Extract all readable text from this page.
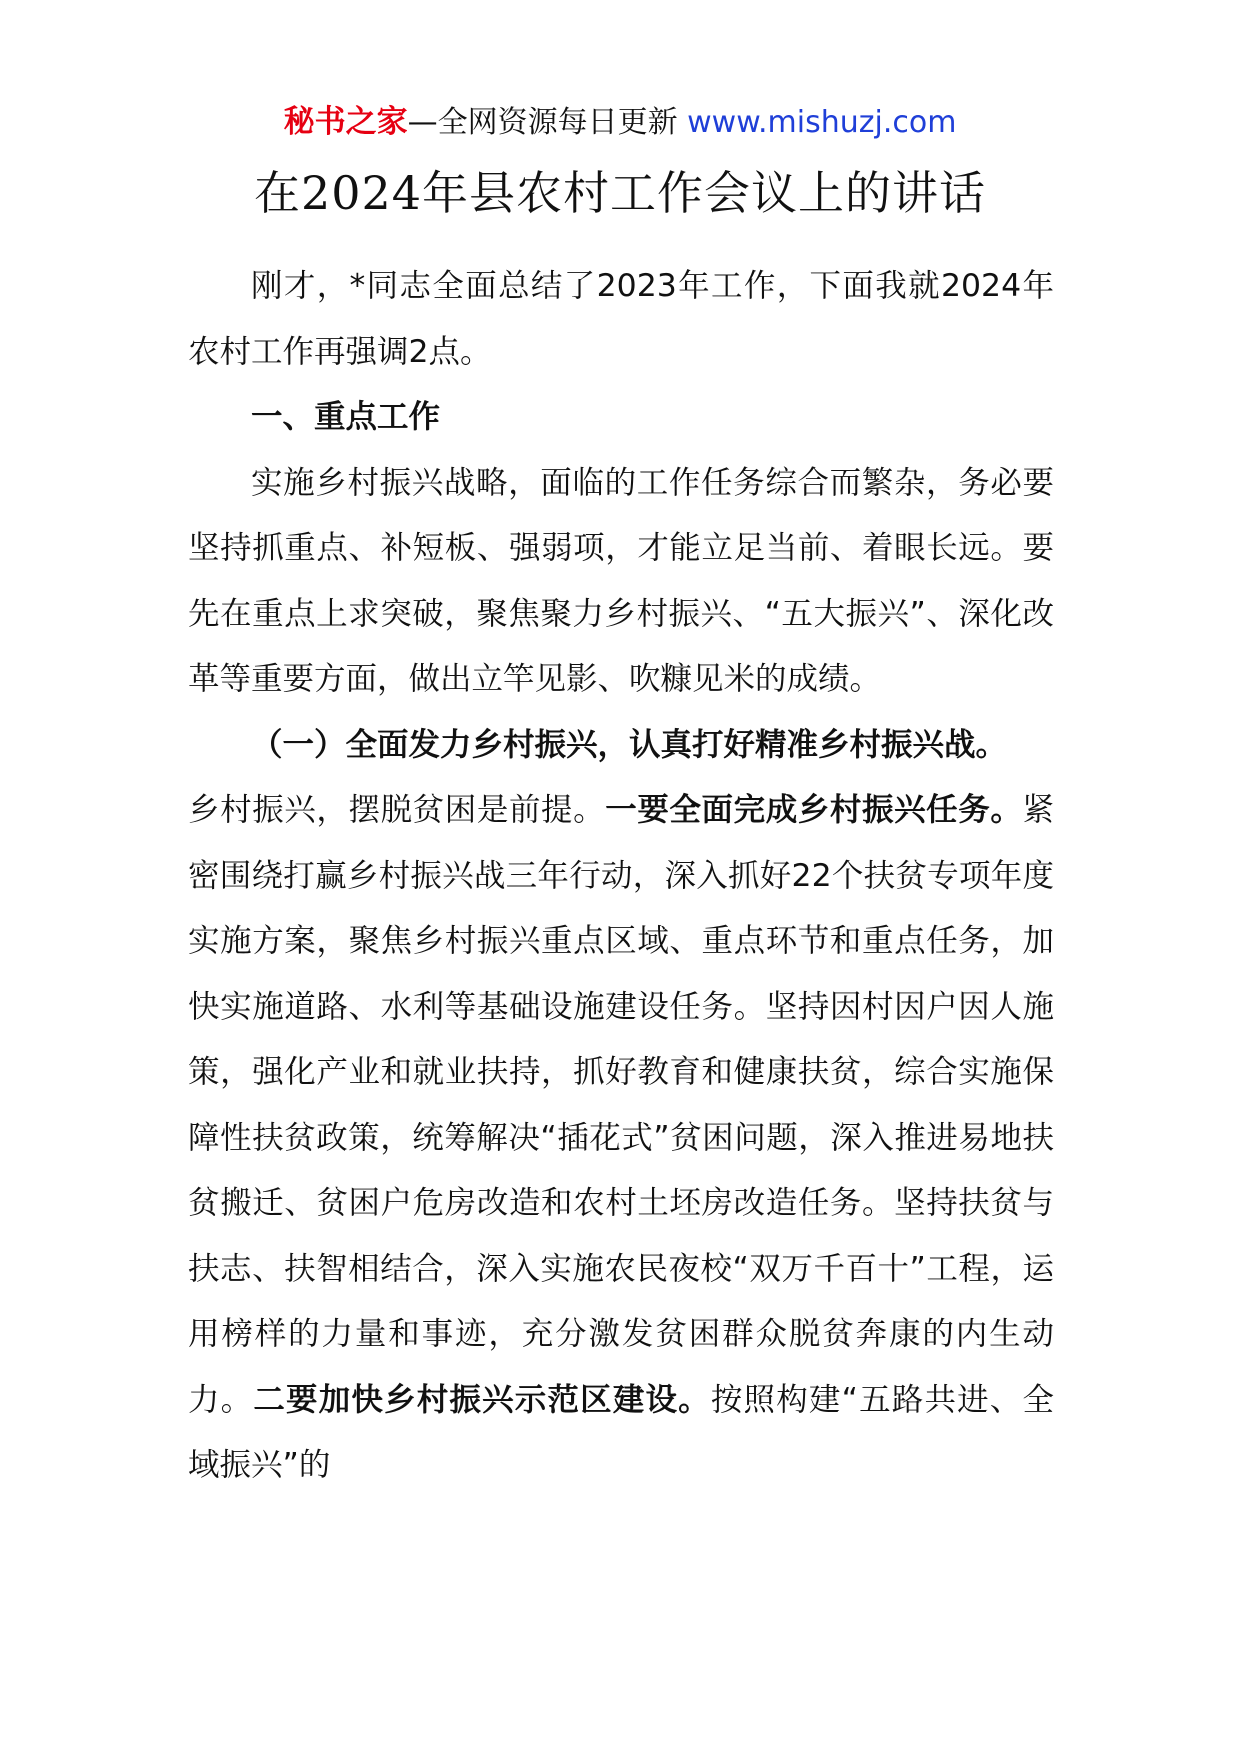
秘书之家—全网资源每日更新 www.mishuzj.com
在2024年县农村工作会议上的讲话

刚才，*同志全面总结了2023年工作，下面我就2024年农村工作再强调2点。

一、重点工作

实施乡村振兴战略，面临的工作任务综合而繁杂，务必要坚持抓重点、补短板、强弱项，才能立足当前、着眼长远。要先在重点上求突破，聚焦聚力乡村振兴、“五大振兴”、深化改革等重要方面，做出立竿见影、吹糠见米的成绩。

（一）全面发力乡村振兴，认真打好精准乡村振兴战。

乡村振兴，摆脱贫困是前提。一要全面完成乡村振兴任务。紧密围绕打赢乡村振兴战三年行动，深入抓好22个扶贫专项年度实施方案，聚焦乡村振兴重点区域、重点环节和重点任务，加快实施道路、水利等基础设施建设任务。坚持因村因户因人施策，强化产业和就业扶持，抓好教育和健康扶贫，综合实施保障性扶贫政策，统筹解决“插花式”贫困问题，深入推进易地扶贫搬迁、贫困户危房改造和农村土坯房改造任务。坚持扶贫与扶志、扶智相结合，深入实施农民夜校“双万千百十”工程，运用榜样的力量和事迹，充分激发贫困群众脱贫奔康的内生动力。二要加快乡村振兴示范区建设。按照构建“五路共进、全域振兴”的
